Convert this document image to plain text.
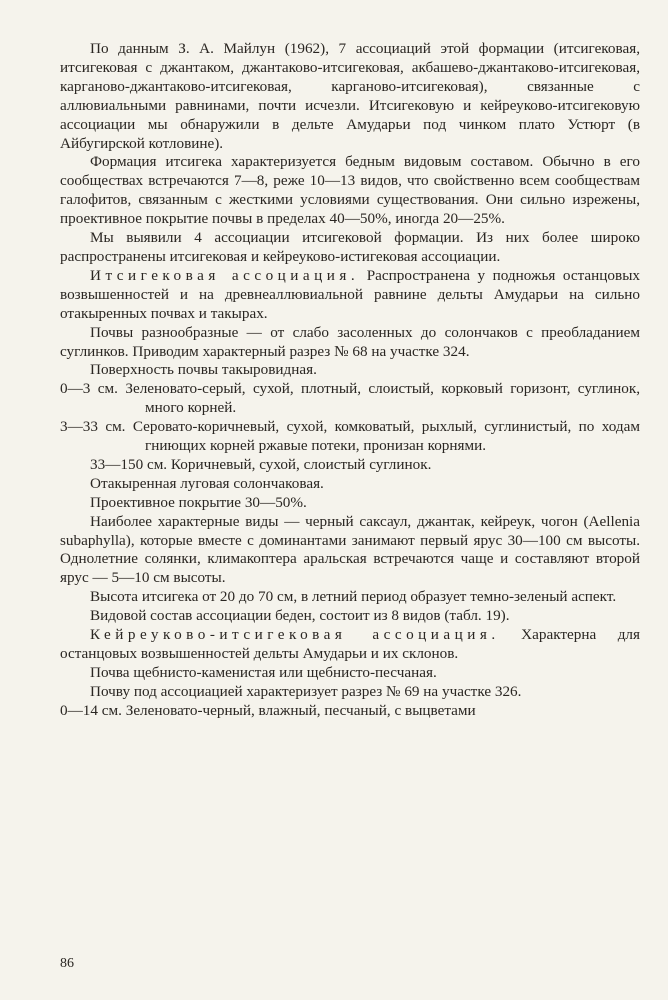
По данным З. А. Майлун (1962), 7 ассоциаций этой формации (итсигековая, итсигековая с джантаком, джантаково-итсигековая, акбашево-джантаково-итсигековая, карганово-джантаково-итсигековая, карганово-итсигековая), связанные с аллювиальными равнинами, почти исчезли. Итсигековую и кейреуково-итсигековую ассоциации мы обнаружили в дельте Амударьи под чинком плато Устюрт (в Айбугирской котловине).

Формация итсигека характеризуется бедным видовым составом. Обычно в его сообществах встречаются 7—8, реже 10—13 видов, что свойственно всем сообществам галофитов, связанным с жесткими условиями существования. Они сильно изрежены, проективное покрытие почвы в пределах 40—50%, иногда 20—25%.

Мы выявили 4 ассоциации итсигековой формации. Из них более широко распространены итсигековая и кейреуково-истигековая ассоциации.

Итсигековая ассоциация. Распространена у подножья останцовых возвышенностей и на древнеаллювиальной равнине дельты Амударьи на сильно отакыренных почвах и такырах.

Почвы разнообразные — от слабо засоленных до солончаков с преобладанием суглинков. Приводим характерный разрез № 68 на участке 324.

Поверхность почвы такыровидная.

0—3 см. Зеленовато-серый, сухой, плотный, слоистый, корковый горизонт, суглинок, много корней.

3—33 см. Серовато-коричневый, сухой, комковатый, рыхлый, суглинистый, по ходам гниющих корней ржавые потеки, пронизан корнями.

33—150 см. Коричневый, сухой, слоистый суглинок.

Отакыренная луговая солончаковая.

Проективное покрытие 30—50%.

Наиболее характерные виды — черный саксаул, джантак, кейреук, чогон (Aellenia subaphylla), которые вместе с доминантами занимают первый ярус 30—100 см высоты. Однолетние солянки, климакоптера аральская встречаются чаще и составляют второй ярус — 5—10 см высоты.

Высота итсигека от 20 до 70 см, в летний период образует темно-зеленый аспект.

Видовой состав ассоциации беден, состоит из 8 видов (табл. 19).

Кейреуково-итсигековая ассоциация. Характерна для останцовых возвышенностей дельты Амударьи и их склонов.

Почва щебнисто-каменистая или щебнисто-песчаная.

Почву под ассоциацией характеризует разрез № 69 на участке 326.

0—14 см. Зеленовато-черный, влажный, песчаный, с выцветами

86
